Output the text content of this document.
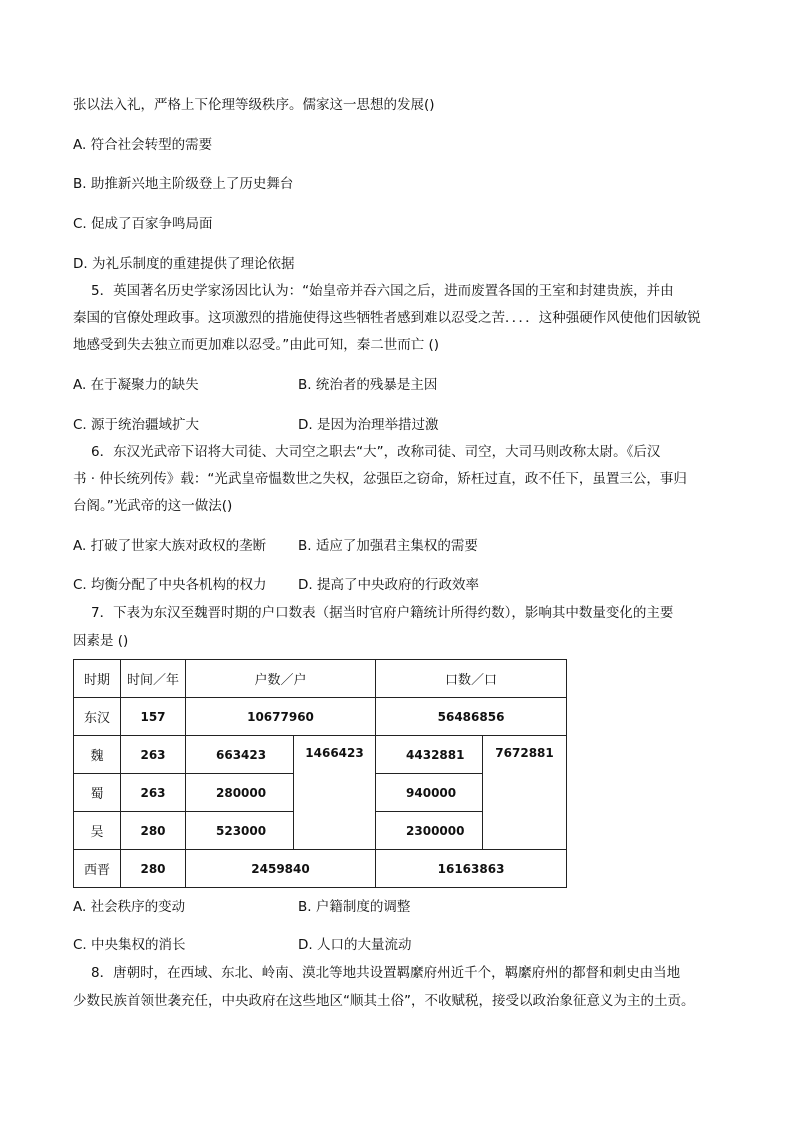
张以法入礼，严格上下伦理等级秩序。儒家这一思想的发展()
A. 符合社会转型的需要
B. 助推新兴地主阶级登上了历史舞台
C. 促成了百家争鸣局面
D. 为礼乐制度的重建提供了理论依据
5．英国著名历史学家汤因比认为：“始皇帝并吞六国之后，进而废置各国的王室和封建贵族，并由
秦国的官僚处理政事。这项激烈的措施使得这些牺牲者感到难以忍受之苦．．．．这种强硬作风使他们因敏锐
地感受到失去独立而更加难以忍受。”由此可知，秦二世而亡 ()
A. 在于凝聚力的缺失	B. 统治者的残暴是主因
C. 源于统治疆域扩大	D. 是因为治理举措过激
6．东汉光武帝下诏将大司徒、大司空之职去“大”，改称司徒、司空，大司马则改称太尉。《后汉
书 · 仲长统列传》载：“光武皇帝愠数世之失权，忿强臣之窃命，矫枉过直，政不任下，虽置三公，事归
台阁。”光武帝的这一做法()
A. 打破了世家大族对政权的垄断 B. 适应了加强君主集权的需要
C. 均衡分配了中央各机构的权力 D. 提高了中央政府的行政效率
7．下表为东汉至魏晋时期的户口数表（据当时官府户籍统计所得约数），影响其中数量变化的主要
因素是 ()
时期	时间／年	户数／户		口数／口	
东汉	157	10677960		56486856	
魏	263	663423	1466423	4432881	7672881
蜀	263	280000		940000	
吴	280	523000		2300000	
西晋	280	2459840		16163863	
A. 社会秩序的变动	B. 户籍制度的调整
C. 中央集权的消长	D. 人口的大量流动
8．唐朝时，在西域、东北、岭南、漠北等地共设置羁縻府州近千个，羁縻府州的都督和刺史由当地
少数民族首领世袭充任，中央政府在这些地区“顺其土俗”，不收赋税，接受以政治象征意义为主的土贡。
